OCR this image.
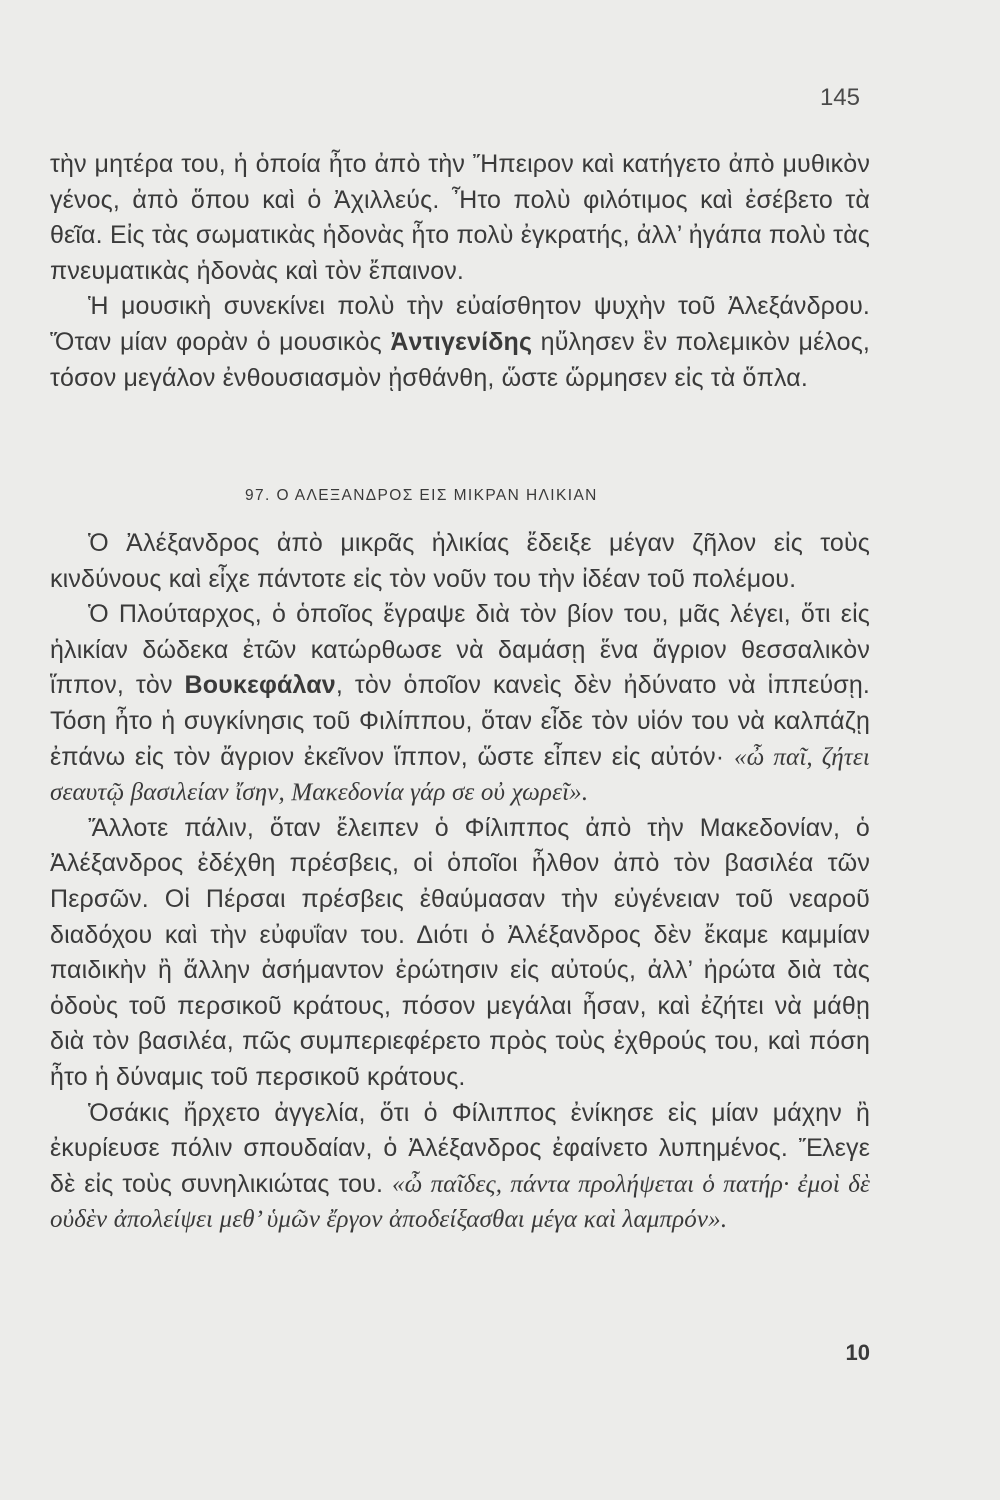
145

τὴν μητέρα του, ἡ ὁποία ἦτο ἀπὸ τὴν Ἤπειρον καὶ κατήγετο ἀπὸ μυθικὸν γένος, ἀπὸ ὅπου καὶ ὁ Ἀχιλλεύς. Ἦτο πολὺ φιλότιμος καὶ ἐσέβετο τὰ θεῖα. Εἰς τὰς σωματικὰς ἡδονὰς ἦτο πολὺ ἐγκρατής, ἀλλ’ ἠγάπα πολὺ τὰς πνευματικὰς ἡδονὰς καὶ τὸν ἔπαινον.

Ἡ μουσικὴ συνεκίνει πολὺ τὴν εὐαίσθητον ψυχὴν τοῦ Ἀλεξάνδρου. Ὅταν μίαν φορὰν ὁ μουσικὸς Ἀντιγενίδης ηὔλησεν ἓν πολεμικὸν μέλος, τόσον μεγάλον ἐνθουσιασμὸν ᾐσθάνθη, ὥστε ὥρμησεν εἰς τὰ ὅπλα.

97. Ο ΑΛΕΞΑΝΔΡΟΣ ΕΙΣ ΜΙΚΡΑΝ ΗΛΙΚΙΑΝ

Ὁ Ἀλέξανδρος ἀπὸ μικρᾶς ἡλικίας ἔδειξε μέγαν ζῆλον εἰς τοὺς κινδύνους καὶ εἶχε πάντοτε εἰς τὸν νοῦν του τὴν ἰδέαν τοῦ πολέμου.

Ὁ Πλούταρχος, ὁ ὁποῖος ἔγραψε διὰ τὸν βίον του, μᾶς λέγει, ὅτι εἰς ἡλικίαν δώδεκα ἐτῶν κατώρθωσε νὰ δαμάσῃ ἕνα ἄγριον θεσσαλικὸν ἵππον, τὸν Βουκεφάλαν, τὸν ὁποῖον κανεὶς δὲν ἠδύνατο νὰ ἱππεύσῃ. Τόση ἦτο ἡ συγκίνησις τοῦ Φιλίππου, ὅταν εἶδε τὸν υἱόν του νὰ καλπάζῃ ἐπάνω εἰς τὸν ἄγριον ἐκεῖνον ἵππον, ὥστε εἶπεν εἰς αὐτόν· «ὦ παῖ, ζήτει σεαυτῷ βασιλείαν ἴσην, Μακεδονία γάρ σε οὐ χωρεῖ».

Ἄλλοτε πάλιν, ὅταν ἔλειπεν ὁ Φίλιππος ἀπὸ τὴν Μακεδονίαν, ὁ Ἀλέξανδρος ἐδέχθη πρέσβεις, οἱ ὁποῖοι ἦλθον ἀπὸ τὸν βασιλέα τῶν Περσῶν. Οἱ Πέρσαι πρέσβεις ἐθαύμασαν τὴν εὐγένειαν τοῦ νεαροῦ διαδόχου καὶ τὴν εὐφυΐαν του. Διότι ὁ Ἀλέξανδρος δὲν ἔκαμε καμμίαν παιδικὴν ἢ ἄλλην ἀσήμαντον ἐρώτησιν εἰς αὐτούς, ἀλλ’ ἠρώτα διὰ τὰς ὁδοὺς τοῦ περσικοῦ κράτους, πόσον μεγάλαι ἦσαν, καὶ ἐζήτει νὰ μάθῃ διὰ τὸν βασιλέα, πῶς συμπεριεφέρετο πρὸς τοὺς ἐχθρούς του, καὶ πόση ἦτο ἡ δύναμις τοῦ περσικοῦ κράτους.

Ὁσάκις ἤρχετο ἀγγελία, ὅτι ὁ Φίλιππος ἐνίκησε εἰς μίαν μάχην ἢ ἐκυρίευσε πόλιν σπουδαίαν, ὁ Ἀλέξανδρος ἐφαίνετο λυπημένος. Ἔλεγε δὲ εἰς τοὺς συνηλικιώτας του. «ὦ παῖδες, πάντα προλήψεται ὁ πατήρ· ἐμοὶ δὲ οὐδὲν ἀπολείψει μεθ’ ὑμῶν ἔργον ἀποδείξασθαι μέγα καὶ λαμπρόν».

10
